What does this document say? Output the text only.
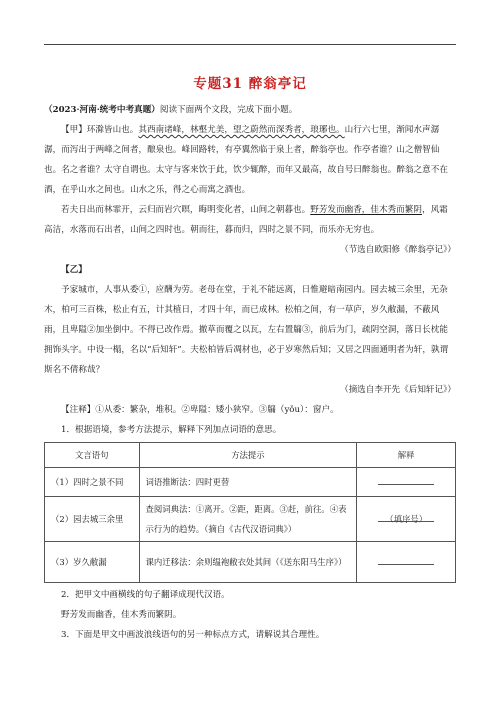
专题31 醉翁亭记

（2023·河南·统考中考真题）阅读下面两个文段，完成下面小题。

【甲】环滁皆山也。其西南诸峰，林壑尤美，望之蔚然而深秀者，琅琊也。山行六七里，渐闻水声潺潺，而泻出于两峰之间者，酿泉也。峰回路转，有亭翼然临于泉上者，醉翁亭也。作亭者谁？山之僧智仙也。名之者谁？太守自谓也。太守与客来饮于此，饮少辄醉，而年又最高，故自号曰醉翁也。醉翁之意不在酒，在乎山水之间也。山水之乐，得之心而寓之酒也。

若夫日出而林霏开，云归而岩穴暝，晦明变化者，山间之朝暮也。野芳发而幽香，佳木秀而繁阴，风霜高洁，水落而石出者，山间之四时也。朝而往，暮而归，四时之景不同，而乐亦无穷也。

（节选自欧阳修《醉翁亭记》）

【乙】

予家城市，人事从委①，应酬为劳。老母在堂，于礼不能远离，日惟避暗南园内。园去城三余里，无杂木，柏可三百株，松止有五，计其植日，才四十年，而已成林。松柏之间，有一草庐，岁久敝漏，不蔽风雨，且卑隘②加坐倒中。不得已改作焉。撤草而覆之以瓦，左右置牖③，前后为门，疏阴空洞，落日长枕能拥饰头字。中设一榻，名以“后知轩”。夫松柏皆后凋材也，必于岁寒然后知；又居之四面通明者为轩，孰谓斯名不倩称哉？

（摘选自李开先《后知轩记》）

【注释】①从委：繁杂，堆积。②卑隘：矮小狭窄。③牖（yǒu）：窗户。

1．根据语境，参考方法提示，解释下列加点词语的意思。

文言语句	方法提示	解释
（1）四时之景不同	词语推断法：四时更替	
（2）园去城三余里	查阅词典法：①离开。②距，距离。③赶，前往。④表示行为的趋势。（摘自《古代汉语词典》）	（填序号）
（3）岁久敝漏	课内迁移法：余则缊袍敝衣处其间（《送东阳马生序》）	

2．把甲文中画横线的句子翻译成现代汉语。

野芳发而幽香，佳木秀而繁阴。

3．下面是甲文中画波浪线语句的另一种标点方式，请解说其合理性。
